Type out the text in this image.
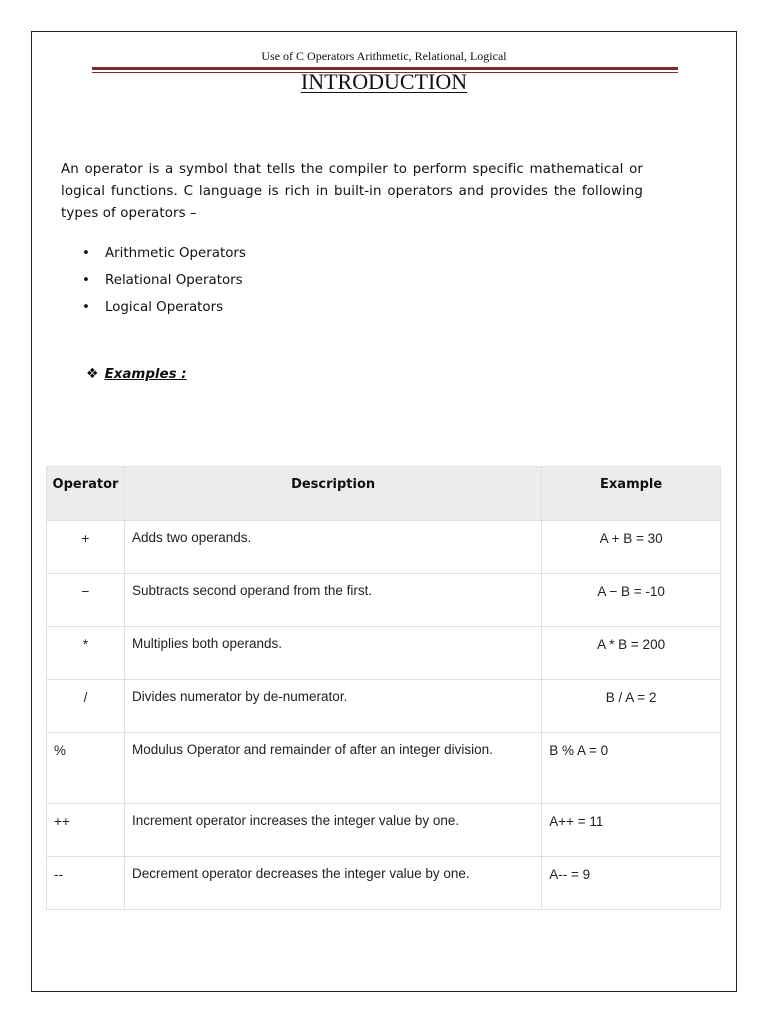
Use of C Operators Arithmetic, Relational, Logical
INTRODUCTION
An operator is a symbol that tells the compiler to perform specific mathematical or logical functions. C language is rich in built-in operators and provides the following types of operators –
• Arithmetic Operators
• Relational Operators
• Logical Operators
❖ Examples :
Operator	Description	Example
+	Adds two operands.	A + B = 30
−	Subtracts second operand from the first.	A − B = -10
*	Multiplies both operands.	A * B = 200
/	Divides numerator by de-numerator.	B / A = 2
%	Modulus Operator and remainder of after an integer division.	B % A = 0
++	Increment operator increases the integer value by one.	A++ = 11
--	Decrement operator decreases the integer value by one.	A-- = 9
